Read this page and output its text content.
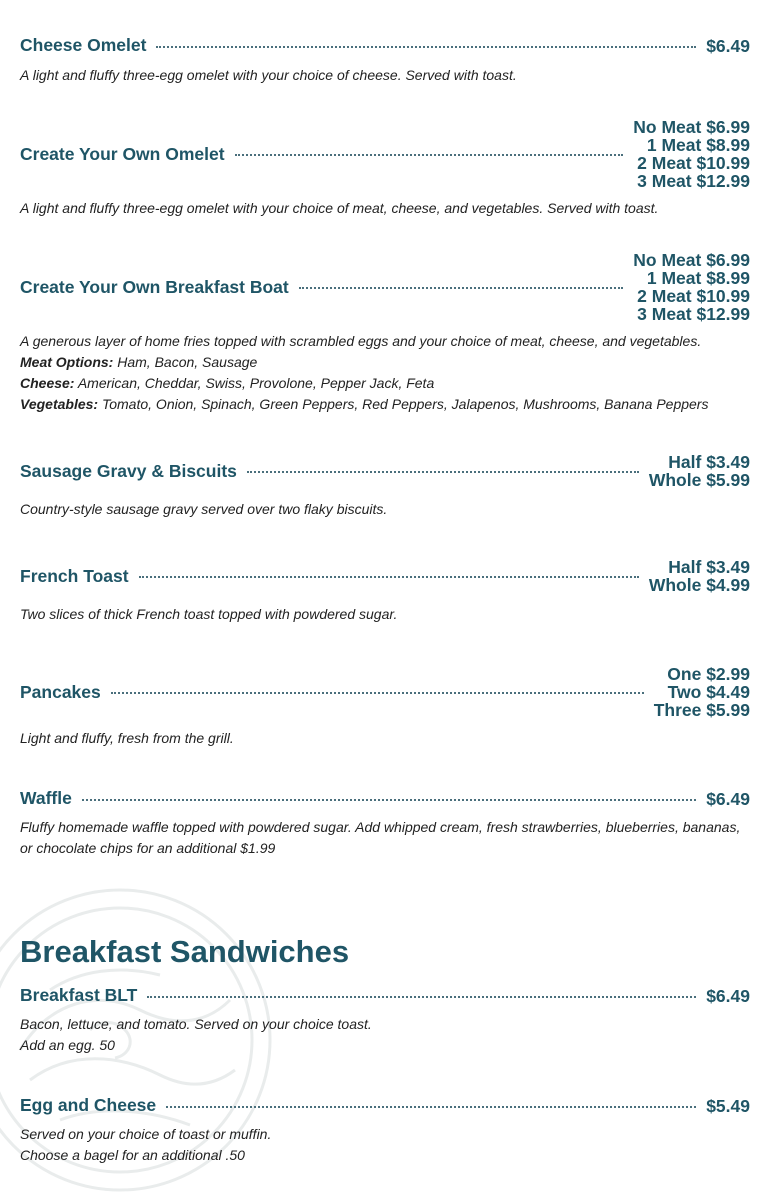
Cheese Omelet	$6.49
A light and fluffy three-egg omelet with your choice of cheese. Served with toast.
Create Your Own Omelet
No Meat $6.99
1 Meat $8.99
2 Meat $10.99
3 Meat $12.99
A light and fluffy three-egg omelet with your choice of meat, cheese, and vegetables. Served with toast.
Create Your Own Breakfast Boat
No Meat $6.99
1 Meat $8.99
2 Meat $10.99
3 Meat $12.99
A generous layer of home fries topped with scrambled eggs and your choice of meat, cheese, and vegetables.
Meat Options: Ham, Bacon, Sausage
Cheese: American, Cheddar, Swiss, Provolone, Pepper Jack, Feta
Vegetables: Tomato, Onion, Spinach, Green Peppers, Red Peppers, Jalapenos, Mushrooms, Banana Peppers
Sausage Gravy & Biscuits	Half $3.49
Whole $5.99
Country-style sausage gravy served over two flaky biscuits.
French Toast	Half $3.49
Whole $4.99
Two slices of thick French toast topped with powdered sugar.
Pancakes
One $2.99
Two $4.49
Three $5.99
Light and fluffy, fresh from the grill.
Waffle	$6.49
Fluffy homemade waffle topped with powdered sugar. Add whipped cream, fresh strawberries, blueberries, bananas, or chocolate chips for an additional $1.99
Breakfast Sandwiches
Breakfast BLT	$6.49
Bacon, lettuce, and tomato. Served on your choice toast.
Add an egg. 50
Egg and Cheese	$5.49
Served on your choice of toast or muffin.
Choose a bagel for an additional .50
